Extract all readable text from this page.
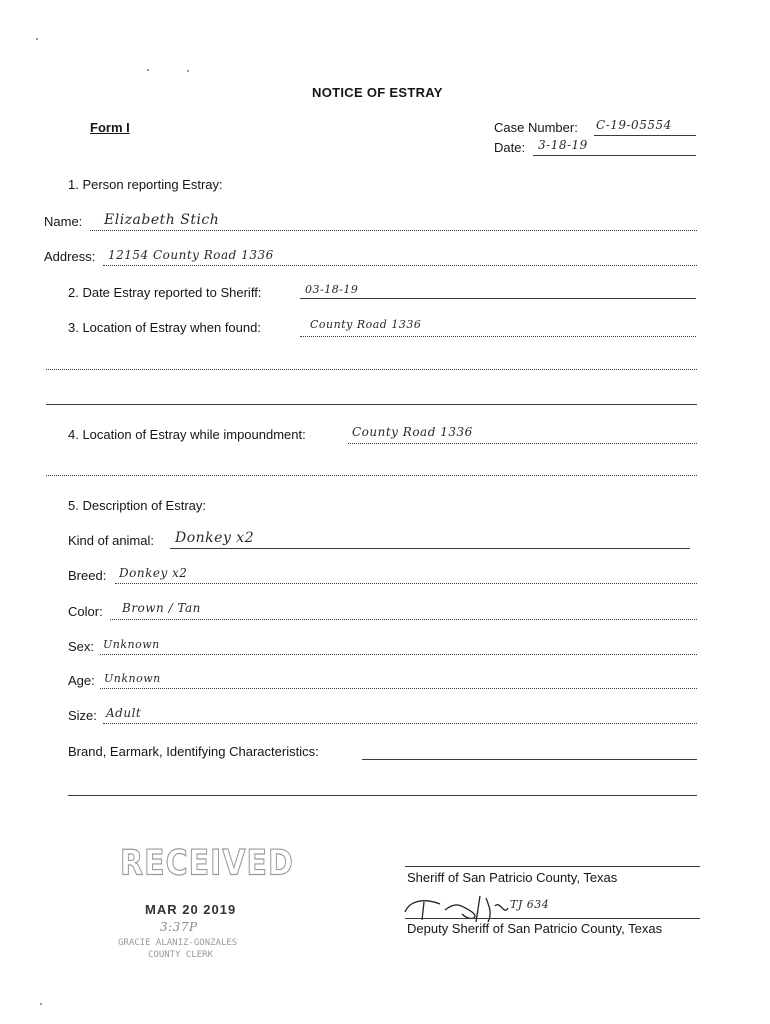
NOTICE OF ESTRAY
Form I	Case Number: C-19-05554
Date: 3-18-19
1. Person reporting Estray:
Name: Elizabeth Stich
Address: 12154 County Road 1336
2. Date Estray reported to Sheriff:	03-18-19
3. Location of Estray when found:	County Road 1336
4. Location of Estray while impoundment:	County Road 1336
5. Description of Estray:
Kind of animal: Donkey x2
Breed: Donkey x2
Color: Brown / Tan
Sex: Unknown
Age: Unknown
Size: Adult
Brand, Earmark, Identifying Characteristics:
RECEIVED
MAR 20 2019
3:37P
GRACIE ALANIZ-GONZALES
COUNTY CLERK
Sheriff of San Patricio County, Texas
TJ 634
Deputy Sheriff of San Patricio County, Texas
